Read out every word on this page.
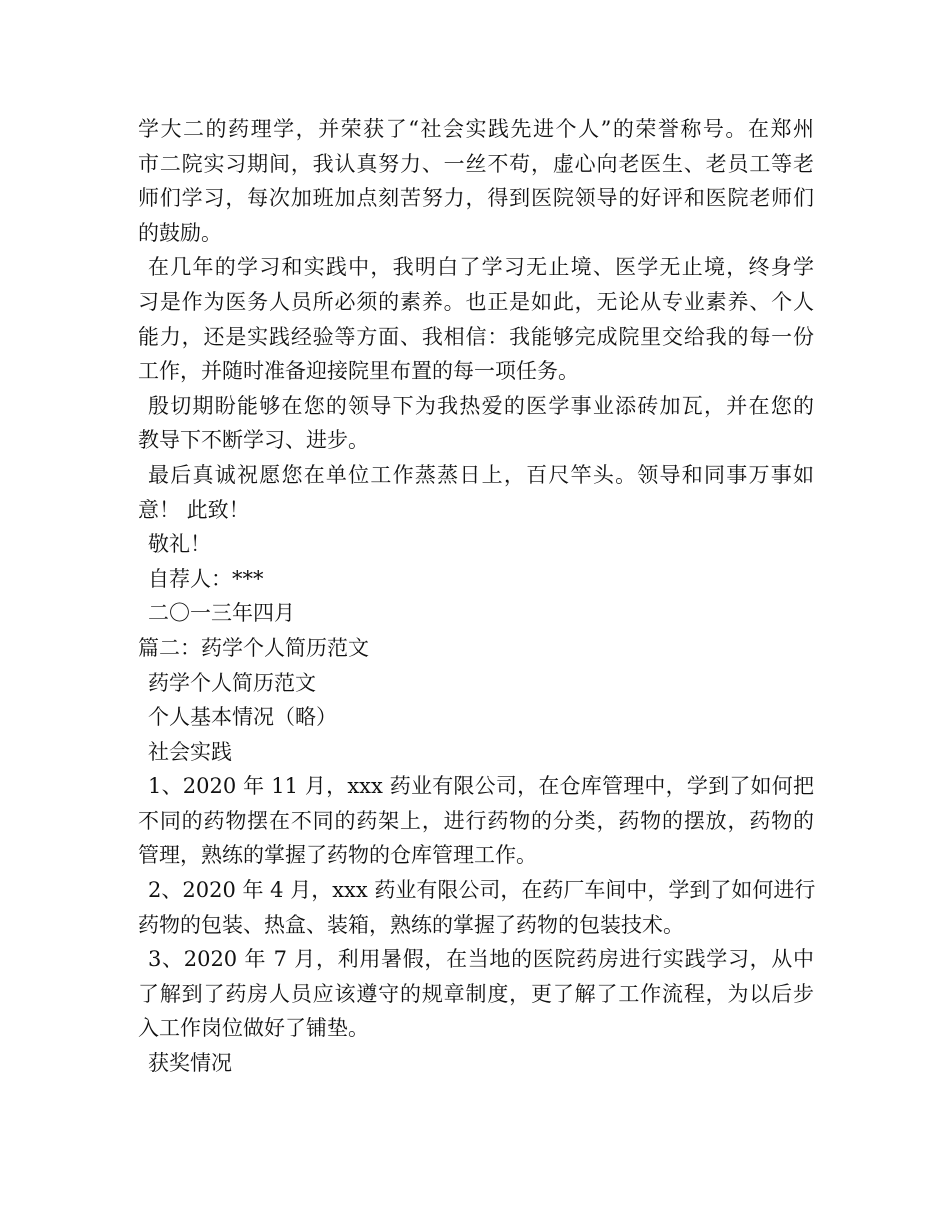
学大二的药理学，并荣获了“社会实践先进个人”的荣誉称号。在郑州
市二院实习期间，我认真努力、一丝不苟，虚心向老医生、老员工等老
师们学习，每次加班加点刻苦努力，得到医院领导的好评和医院老师们
的鼓励。
在几年的学习和实践中，我明白了学习无止境、医学无止境，终身学
习是作为医务人员所必须的素养。也正是如此，无论从专业素养、个人
能力，还是实践经验等方面、我相信：我能够完成院里交给我的每一份
工作，并随时准备迎接院里布置的每一项任务。
殷切期盼能够在您的领导下为我热爱的医学事业添砖加瓦，并在您的
教导下不断学习、进步。
最后真诚祝愿您在单位工作蒸蒸日上，百尺竿头。领导和同事万事如
意！ 此致！
敬礼！
自荐人：***
二〇一三年四月
篇二：药学个人简历范文
药学个人简历范文
个人基本情况（略）
社会实践
1、2020 年 11 月，xxx 药业有限公司，在仓库管理中，学到了如何把
不同的药物摆在不同的药架上，进行药物的分类，药物的摆放，药物的
管理，熟练的掌握了药物的仓库管理工作。
2、2020 年 4 月，xxx 药业有限公司，在药厂车间中，学到了如何进行
药物的包装、热盒、装箱，熟练的掌握了药物的包装技术。
3、2020 年 7 月，利用暑假，在当地的医院药房进行实践学习，从中
了解到了药房人员应该遵守的规章制度，更了解了工作流程，为以后步
入工作岗位做好了铺垫。
获奖情况
